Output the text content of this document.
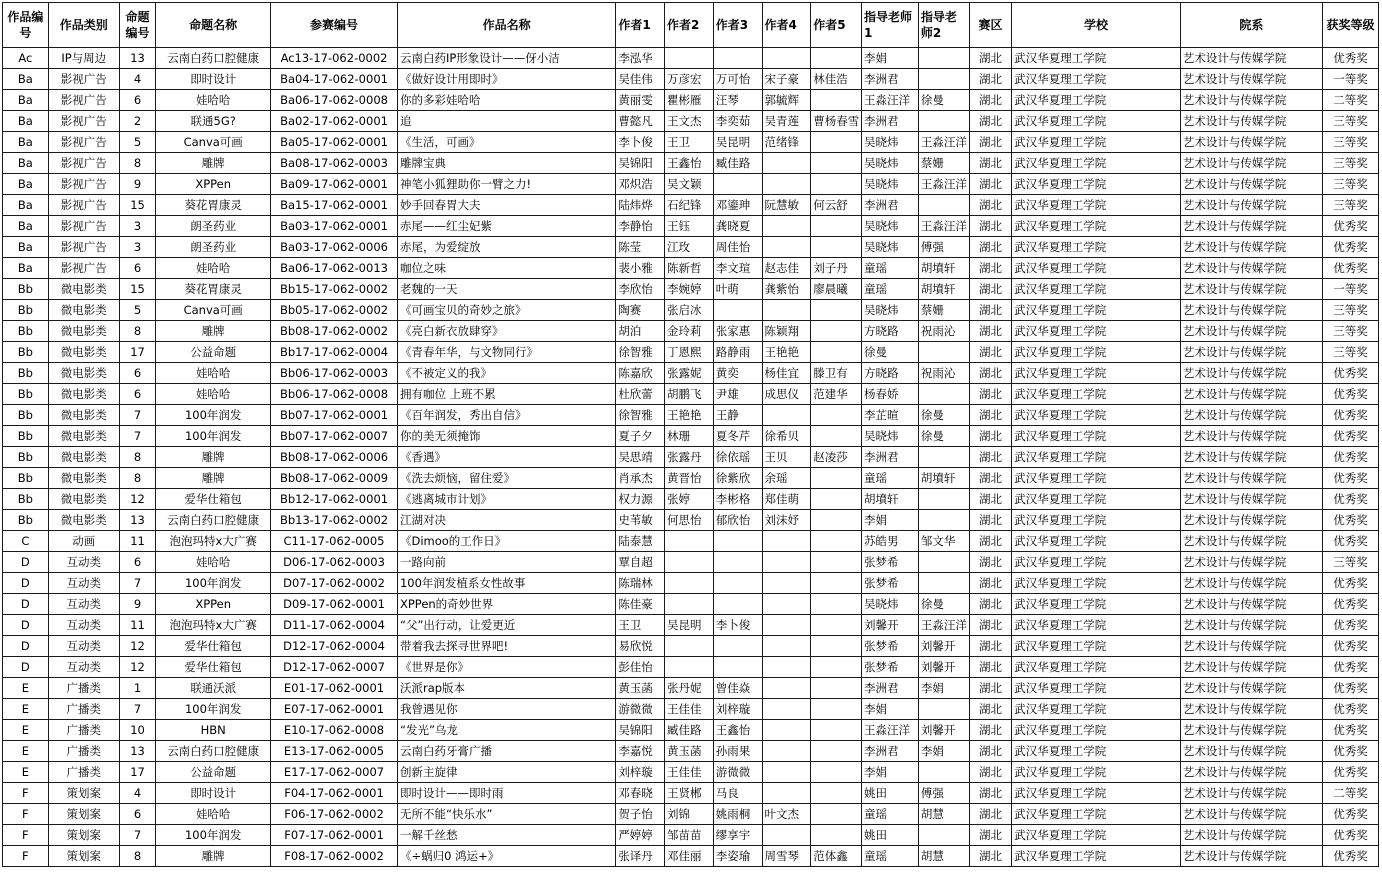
作品编号	作品类别	命题编号	命题名称	参赛编号	作品名称	作者1	作者2	作者3	作者4	作者5	指导老师1	指导老师2	赛区	学校	院系	获奖等级
Ac	IP与周边	13	云南白药口腔健康	Ac13-17-062-0002	云南白药IP形象设计——伢小洁	李泓华					李娟		湖北	武汉华夏理工学院	艺术设计与传媒学院	优秀奖
Ba	影视广告	4	即时设计	Ba04-17-062-0001	《做好设计用即时》	吴佳伟	万彦宏	万可怡	宋子豪	林佳浩	李洲君		湖北	武汉华夏理工学院	艺术设计与传媒学院	一等奖
Ba	影视广告	6	娃哈哈	Ba06-17-062-0008	你的多彩娃哈哈	黄丽雯	瞿彬雁	汪琴	郭毓辉		王淼汪洋	徐曼	湖北	武汉华夏理工学院	艺术设计与传媒学院	二等奖
Ba	影视广告	2	联通5G?	Ba02-17-062-0001	追	曹懿凡	王文杰	李奕茹	吴青莲	曹杨春雪	李洲君		湖北	武汉华夏理工学院	艺术设计与传媒学院	三等奖
Ba	影视广告	5	Canva可画	Ba05-17-062-0001	《生活，可画》	李卜俊	王卫	吴昆明	范绪锋		吴晓炜	王淼汪洋	湖北	武汉华夏理工学院	艺术设计与传媒学院	三等奖
Ba	影视广告	8	雕牌	Ba08-17-062-0003	雕牌宝典	吴锦阳	王鑫怡	臧佳路			吴晓炜	蔡姗	湖北	武汉华夏理工学院	艺术设计与传媒学院	三等奖
Ba	影视广告	9	XPPen	Ba09-17-062-0001	神笔小狐狸助你一臂之力!	邓炽浩	吴文颖				吴晓炜	王淼汪洋	湖北	武汉华夏理工学院	艺术设计与传媒学院	三等奖
Ba	影视广告	15	葵花胃康灵	Ba15-17-062-0001	妙手回春胃大夫	陆炜烨	石纪锋	邓鎏珅	阮慧敏	何云舒	李洲君		湖北	武汉华夏理工学院	艺术设计与传媒学院	三等奖
Ba	影视广告	3	朗圣药业	Ba03-17-062-0001	赤尾——红尘妃紫	李静怡	王钰	龚晓夏			吴晓炜	王淼汪洋	湖北	武汉华夏理工学院	艺术设计与传媒学院	优秀奖
Ba	影视广告	3	朗圣药业	Ba03-17-062-0006	赤尾，为爱绽放	陈莹	江玫	周佳怡			吴晓炜	傅强	湖北	武汉华夏理工学院	艺术设计与传媒学院	优秀奖
Ba	影视广告	6	娃哈哈	Ba06-17-062-0013	咖位之味	裴小雅	陈新哲	李文瑄	赵志佳	刘子丹	童瑶	胡墳轩	湖北	武汉华夏理工学院	艺术设计与传媒学院	优秀奖
Bb	微电影类	15	葵花胃康灵	Bb15-17-062-0002	老魏的一天	李欣怡	李婉婷	叶萌	龚紫怡	廖晨曦	童瑶	胡墳轩	湖北	武汉华夏理工学院	艺术设计与传媒学院	一等奖
Bb	微电影类	5	Canva可画	Bb05-17-062-0002	《可画宝贝的奇妙之旅》	陶赛	张启冰				吴晓炜	蔡姗	湖北	武汉华夏理工学院	艺术设计与传媒学院	三等奖
Bb	微电影类	8	雕牌	Bb08-17-062-0002	《亮白新衣放肆穿》	胡泊	金玲莉	张家惠	陈颖翔		方晓路	祝雨沁	湖北	武汉华夏理工学院	艺术设计与传媒学院	三等奖
Bb	微电影类	17	公益命题	Bb17-17-062-0004	《青春年华，与文物同行》	徐智雅	丁恩熙	路静雨	王艳艳		徐曼		湖北	武汉华夏理工学院	艺术设计与传媒学院	三等奖
Bb	微电影类	6	娃哈哈	Bb06-17-062-0003	《不被定义的我》	陈嘉欣	张露妮	黄奕	杨佳宜	滕卫有	方晓路	祝雨沁	湖北	武汉华夏理工学院	艺术设计与传媒学院	优秀奖
Bb	微电影类	6	娃哈哈	Bb06-17-062-0008	拥有咖位 上班不累	杜欣蕾	胡鹏飞	尹雄	成思仪	范建华	杨春娇		湖北	武汉华夏理工学院	艺术设计与传媒学院	优秀奖
Bb	微电影类	7	100年润发	Bb07-17-062-0001	《百年润发，秀出自信》	徐智雅	王艳艳	王静			李芷暄	徐曼	湖北	武汉华夏理工学院	艺术设计与传媒学院	优秀奖
Bb	微电影类	7	100年润发	Bb07-17-062-0007	你的美无须掩饰	夏子夕	林珊	夏冬芹	徐希贝		吴晓炜	徐曼	湖北	武汉华夏理工学院	艺术设计与传媒学院	优秀奖
Bb	微电影类	8	雕牌	Bb08-17-062-0006	《香遇》	吴思靖	张露丹	徐依瑶	王贝	赵凌莎	李洲君		湖北	武汉华夏理工学院	艺术设计与传媒学院	优秀奖
Bb	微电影类	8	雕牌	Bb08-17-062-0009	《洗去烦恼，留住爱》	肖承杰	黄晋怡	徐紫欣	余瑶		童瑶	胡墳轩	湖北	武汉华夏理工学院	艺术设计与传媒学院	优秀奖
Bb	微电影类	12	爱华仕箱包	Bb12-17-062-0001	《逃离城市计划》	权力源	张婷	李彬格	郑佳萌		胡墳轩		湖北	武汉华夏理工学院	艺术设计与传媒学院	优秀奖
Bb	微电影类	13	云南白药口腔健康	Bb13-17-062-0002	江湖对决	史苇敏	何思怡	郁欣怡	刘沫妤		李娟		湖北	武汉华夏理工学院	艺术设计与传媒学院	优秀奖
C	动画	11	泡泡玛特x大广赛	C11-17-062-0005	《Dimoo的工作日》	陆泰慧					苏皓男	邹文华	湖北	武汉华夏理工学院	艺术设计与传媒学院	优秀奖
D	互动类	6	娃哈哈	D06-17-062-0003	一路向前	覃自超					张梦希		湖北	武汉华夏理工学院	艺术设计与传媒学院	三等奖
D	互动类	7	100年润发	D07-17-062-0002	100年润发植系女性故事	陈瑞林					张梦希		湖北	武汉华夏理工学院	艺术设计与传媒学院	优秀奖
D	互动类	9	XPPen	D09-17-062-0001	XPPen的奇妙世界	陈佳豪					吴晓炜	徐曼	湖北	武汉华夏理工学院	艺术设计与传媒学院	优秀奖
D	互动类	11	泡泡玛特x大广赛	D11-17-062-0004	“父”出行动，让爱更近	王卫	吴昆明	李卜俊			刘馨开	王淼汪洋	湖北	武汉华夏理工学院	艺术设计与传媒学院	优秀奖
D	互动类	12	爱华仕箱包	D12-17-062-0004	带着我去探寻世界吧!	易欣悦					张梦希	刘馨开	湖北	武汉华夏理工学院	艺术设计与传媒学院	优秀奖
D	互动类	12	爱华仕箱包	D12-17-062-0007	《世界是你》	彭佳怡					张梦希	刘馨开	湖北	武汉华夏理工学院	艺术设计与传媒学院	优秀奖
E	广播类	1	联通沃派	E01-17-062-0001	沃派rap版本	黄玉菡	张丹妮	曾佳焱			李洲君	李娟	湖北	武汉华夏理工学院	艺术设计与传媒学院	优秀奖
E	广播类	7	100年润发	E07-17-062-0001	我曾遇见你	游微微	王佳佳	刘梓璇			李娟		湖北	武汉华夏理工学院	艺术设计与传媒学院	优秀奖
E	广播类	10	HBN	E10-17-062-0008	“发光”乌龙	吴锦阳	臧佳路	王鑫怡			王淼汪洋	刘馨开	湖北	武汉华夏理工学院	艺术设计与传媒学院	优秀奖
E	广播类	13	云南白药口腔健康	E13-17-062-0005	云南白药牙膏广播	李嘉悦	黄玉菡	孙雨果			李洲君	李娟	湖北	武汉华夏理工学院	艺术设计与传媒学院	优秀奖
E	广播类	17	公益命题	E17-17-062-0007	创新主旋律	刘梓璇	王佳佳	游微微			李娟		湖北	武汉华夏理工学院	艺术设计与传媒学院	优秀奖
F	策划案	4	即时设计	F04-17-062-0001	即时设计——即时雨	邓春晓	王贤郴	马良			姚田	傅强	湖北	武汉华夏理工学院	艺术设计与传媒学院	二等奖
F	策划案	6	娃哈哈	F06-17-062-0002	无所不能“快乐水”	贺子怡	刘锦	姚雨桐	叶文杰		童瑶	胡慧	湖北	武汉华夏理工学院	艺术设计与传媒学院	优秀奖
F	策划案	7	100年润发	F07-17-062-0001	一解千丝愁	严婷婷	邹苗苗	缪享宇			姚田		湖北	武汉华夏理工学院	艺术设计与传媒学院	优秀奖
F	策划案	8	雕牌	F08-17-062-0002	《÷蜗归0 鸿运+》	张译丹	邓佳丽	李姿瑜	周雪琴	范体鑫	童瑶	胡慧	湖北	武汉华夏理工学院	艺术设计与传媒学院	优秀奖
